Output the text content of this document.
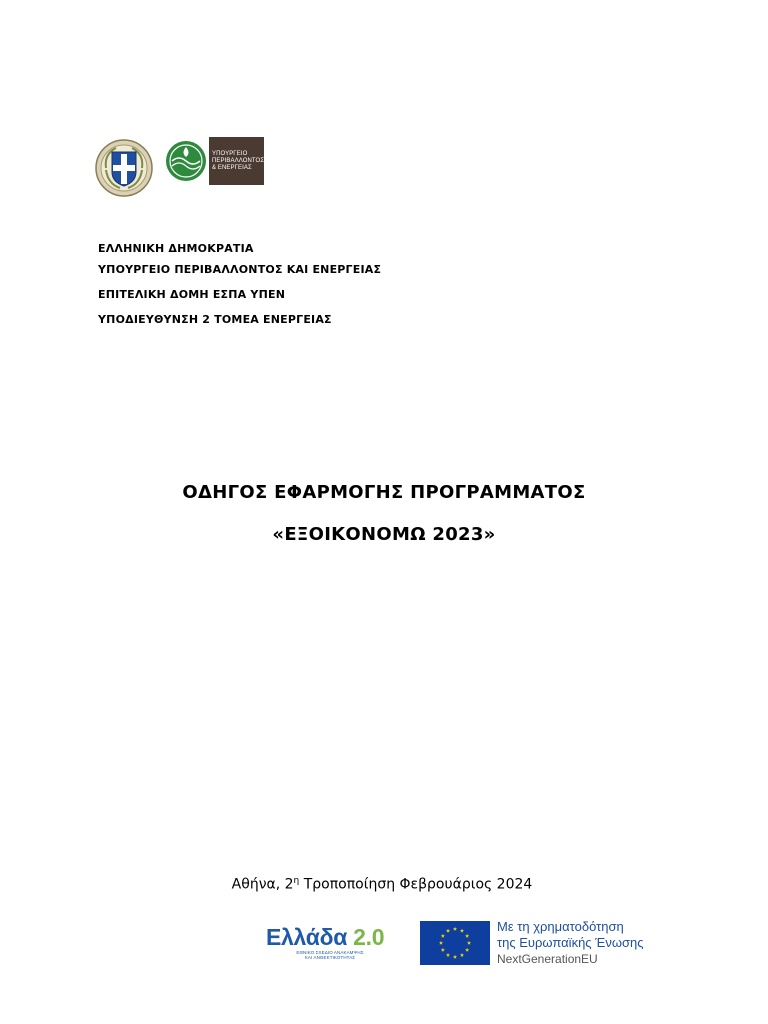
ΥΠΟΥΡΓΕΙΟ
ΠΕΡΙΒΑΛΛΟΝΤΟΣ
& ΕΝΕΡΓΕΙΑΣ
ΕΛΛΗΝΙΚΗ ΔΗΜΟΚΡΑΤΙΑ
ΥΠΟΥΡΓΕΙΟ ΠΕΡΙΒΑΛΛΟΝΤΟΣ ΚΑΙ ΕΝΕΡΓΕΙΑΣ
ΕΠΙΤΕΛΙΚΗ ΔΟΜΗ ΕΣΠΑ ΥΠΕΝ
ΥΠΟΔΙΕΥΘΥΝΣΗ 2 ΤΟΜΕΑ ΕΝΕΡΓΕΙΑΣ
ΟΔΗΓΟΣ ΕΦΑΡΜΟΓΗΣ ΠΡΟΓΡΑΜΜΑΤΟΣ
«ΕΞΟΙΚΟΝΟΜΩ 2023»
Αθήνα, $2^\eta$ Τροποποίηση Φεβρουάριος 2024
Ελλάδα 2.0
ΕΘΝΙΚΟ ΣΧΕΔΙΟ ΑΝΑΚΑΜΨΗΣ
ΚΑΙ ΑΝΘΕΚΤΙΚΟΤΗΤΑΣ
Με τη χρηματοδότηση
της Ευρωπαϊκής Ένωσης
NextGenerationEU
